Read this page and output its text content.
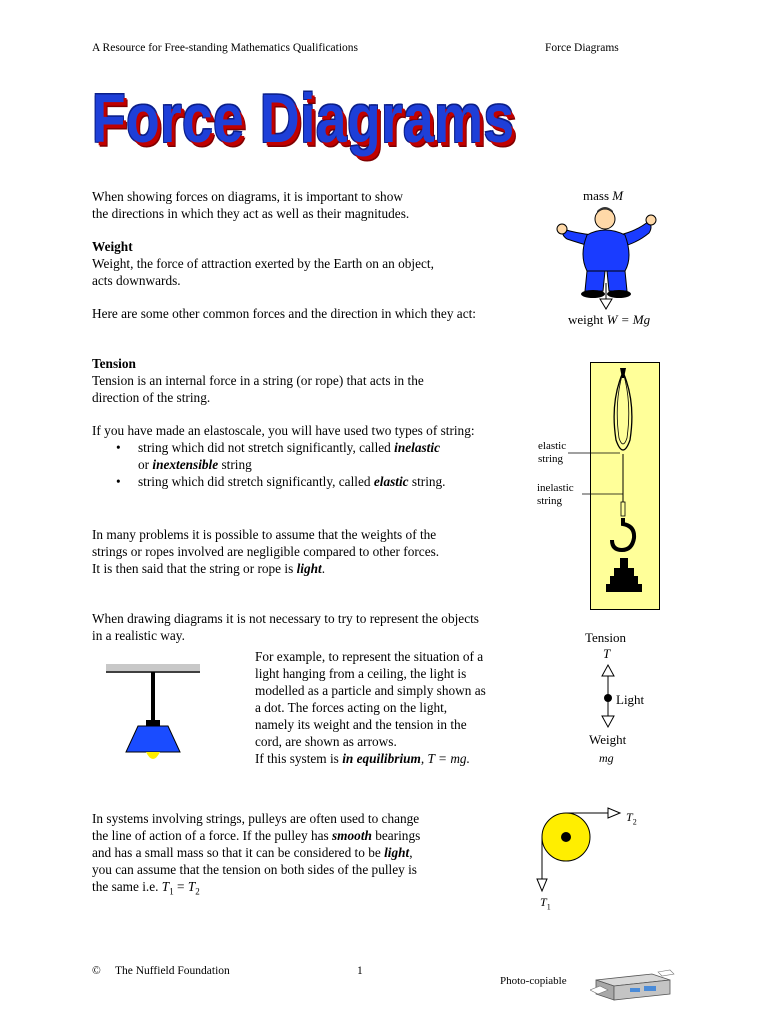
A Resource for Free-standing Mathematics Qualifications	Force Diagrams
Force Diagrams
When showing forces on diagrams, it is important to show
the directions in which they act as well as their magnitudes.
Weight
Weight, the force of attraction exerted by the Earth on an object,
acts downwards.
Here are some other common forces and the direction in which they act:
mass M
weight W = Mg
Tension
Tension is an internal force in a string (or rope) that acts in the
direction of the string.
If you have made an elastoscale, you will have used two types of string:
• string which did not stretch significantly, called inelastic
or inextensible string
• string which did stretch significantly, called elastic string.
elastic
string
inelastic
string
In many problems it is possible to assume that the weights of the
strings or ropes involved are negligible compared to other forces.
It is then said that the string or rope is light.
When drawing diagrams it is not necessary to try to represent the objects
in a realistic way.
For example, to represent the situation of a
light hanging from a ceiling, the light is
modelled as a particle and simply shown as
a dot. The forces acting on the light,
namely its weight and the tension in the
cord, are shown as arrows.
If this system is in equilibrium, T = mg.
Tension
T
Light
Weight
mg
In systems involving strings, pulleys are often used to change
the line of action of a force. If the pulley has smooth bearings
and has a small mass so that it can be considered to be light,
you can assume that the tension on both sides of the pulley is
the same i.e. $T_1 = T_2$
$T_2$
$T_1$
© The Nuffield Foundation	1
Photo-copiable
